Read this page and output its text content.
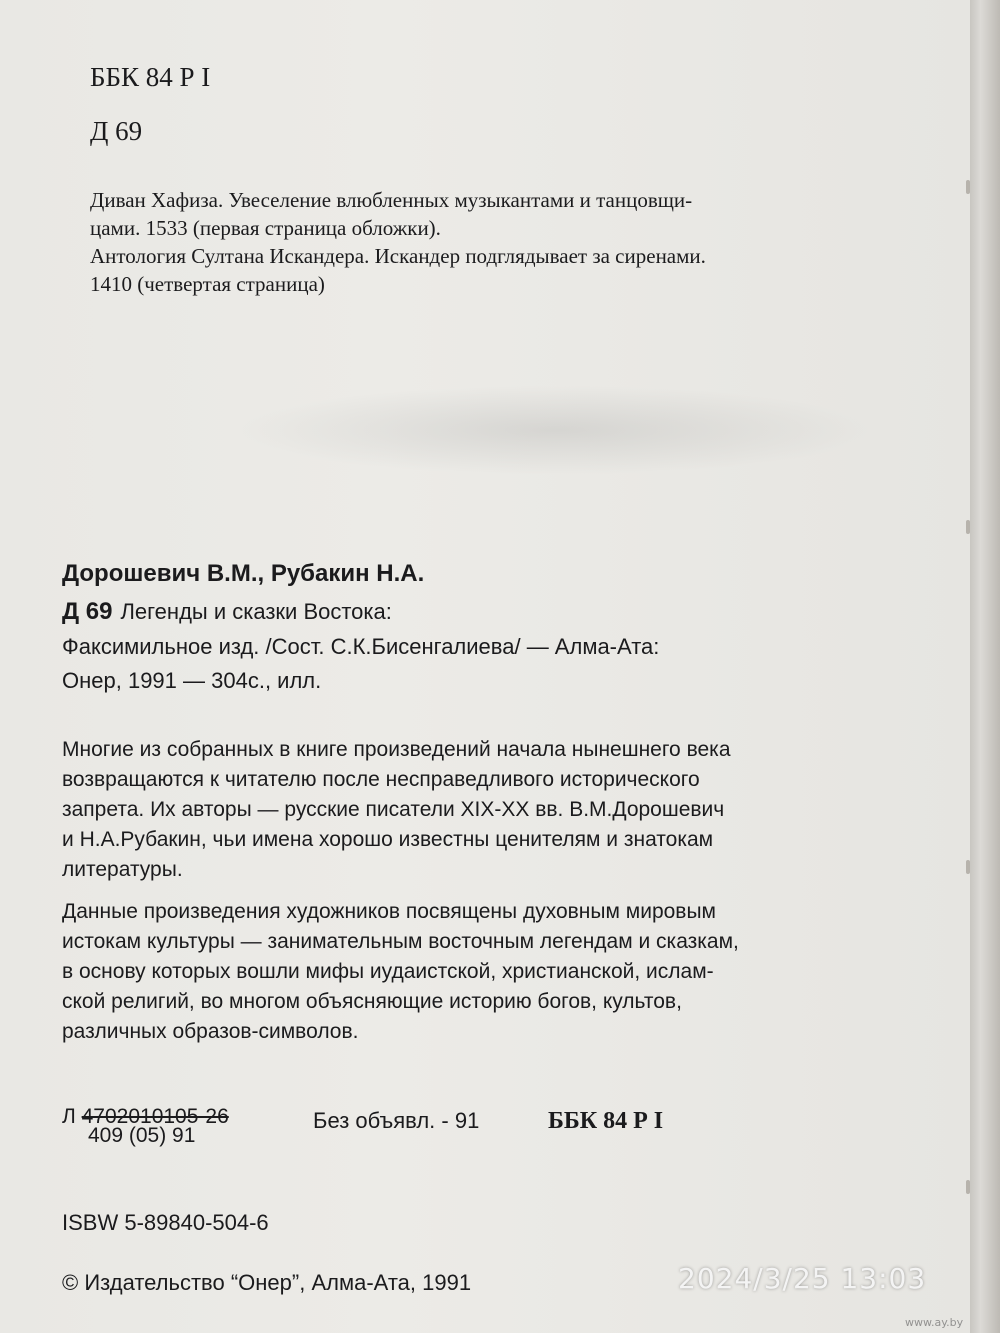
ББК 84 Р I
Д 69
Диван Хафиза. Увеселение влюбленных музыкантами и танцовщи-
цами. 1533 (первая страница обложки).
Антология Султана Искандера. Искандер подглядывает за сиренами.
1410 (четвертая страница)
Дорошевич В.М., Рубакин Н.А.
Д 69 Легенды и сказки Востока:
Факсимильное изд. /Сост. С.К.Бисенгалиева/ — Алма-Ата:
Онер, 1991 — 304с., илл.
Многие из собранных в книге произведений начала нынешнего века
возвращаются к читателю после несправедливого исторического
запрета. Их авторы — русские писатели XIX-XX вв. В.М.Дорошевич
и Н.А.Рубакин, чьи имена хорошо известны ценителям и знатокам
литературы.
Данные произведения художников посвящены духовным мировым
истокам культуры — занимательным восточным легендам и сказкам,
в основу которых вошли мифы иудаистской, христианской, ислам-
ской религий, во многом объясняющие историю богов, культов,
различных образов-символов.
Л 4702010105-26
409 (05) 91
Без объявл. - 91	ББК 84 Р I
ISBW 5-89840-504-6
© Издательство “Онер”, Алма-Ата, 1991	2024/3/25 13:03
www.ay.by
